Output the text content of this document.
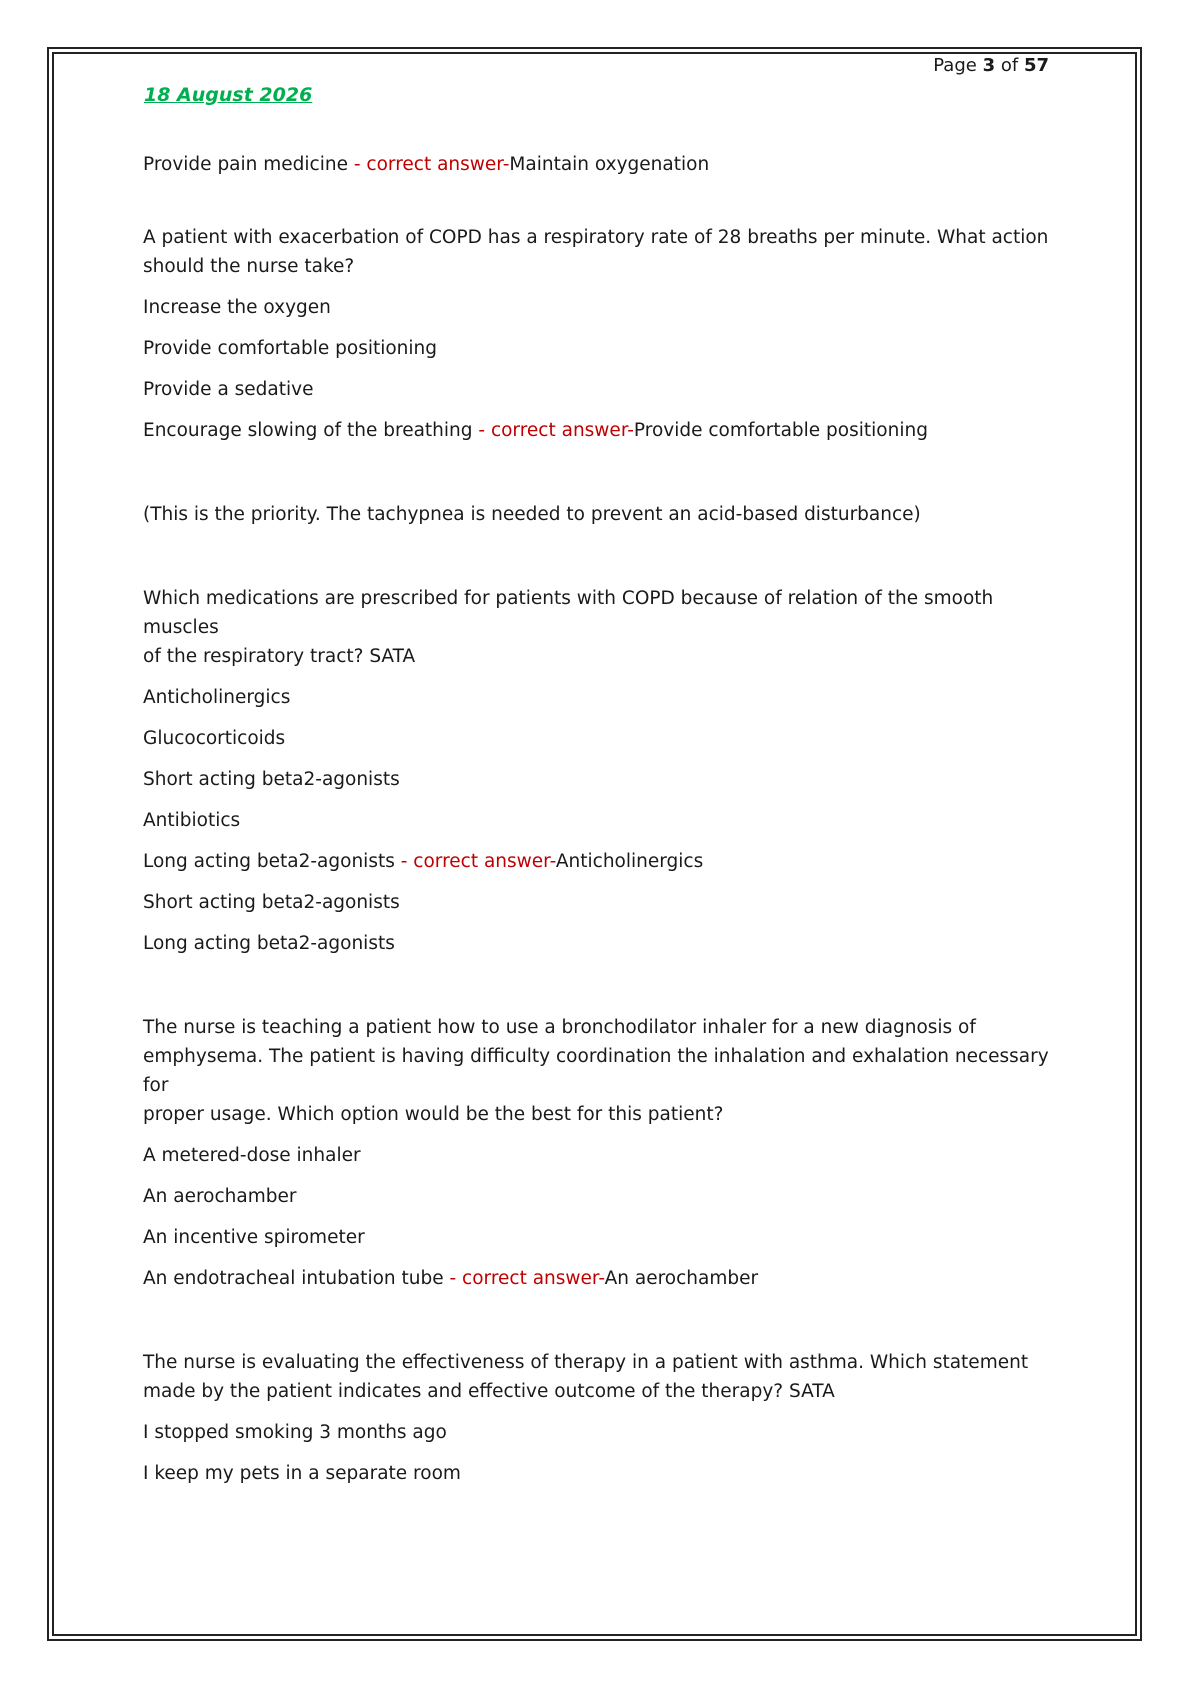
Page 3 of 57
18 August 2026

Provide pain medicine - correct answer-Maintain oxygenation

A patient with exacerbation of COPD has a respiratory rate of 28 breaths per minute. What action

should the nurse take?

Increase the oxygen

Provide comfortable positioning

Provide a sedative

Encourage slowing of the breathing - correct answer-Provide comfortable positioning

(This is the priority. The tachypnea is needed to prevent an acid-based disturbance)

Which medications are prescribed for patients with COPD because of relation of the smooth muscles

of the respiratory tract? SATA

Anticholinergics

Glucocorticoids

Short acting beta2-agonists

Antibiotics

Long acting beta2-agonists - correct answer-Anticholinergics

Short acting beta2-agonists

Long acting beta2-agonists

The nurse is teaching a patient how to use a bronchodilator inhaler for a new diagnosis of

emphysema. The patient is having difficulty coordination the inhalation and exhalation necessary for

proper usage. Which option would be the best for this patient?

A metered-dose inhaler

An aerochamber

An incentive spirometer

An endotracheal intubation tube - correct answer-An aerochamber

The nurse is evaluating the effectiveness of therapy in a patient with asthma. Which statement

made by the patient indicates and effective outcome of the therapy? SATA

I stopped smoking 3 months ago

I keep my pets in a separate room
